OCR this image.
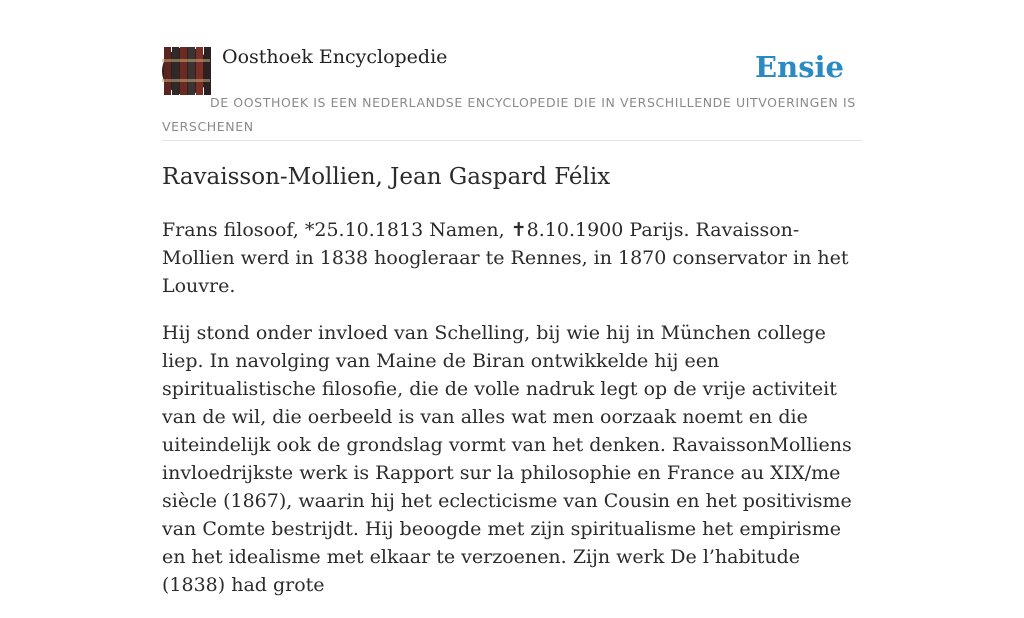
Oosthoek Encyclopedie	Ensie
DE OOSTHOEK IS EEN NEDERLANDSE ENCYCLOPEDIE DIE IN VERSCHILLENDE UITVOERINGEN IS VERSCHENEN
Ravaisson-Mollien, Jean Gaspard Félix

Frans filosoof, *25.10.1813 Namen, ✝8.10.1900 Parijs. Ravaisson-Mollien werd in 1838 hoogleraar te Rennes, in 1870 conservator in het Louvre.

Hij stond onder invloed van Schelling, bij wie hij in München college liep. In navolging van Maine de Biran ontwikkelde hij een spiritualistische filosofie, die de volle nadruk legt op de vrije activiteit van de wil, die oerbeeld is van alles wat men oorzaak noemt en die uiteindelijk ook de grondslag vormt van het denken. RavaissonMolliens invloedrijkste werk is Rapport sur la philosophie en France au XIX/me siècle (1867), waarin hij het eclecticisme van Cousin en het positivisme van Comte bestrijdt. Hij beoogde met zijn spiritualisme het empirisme en het idealisme met elkaar te verzoenen. Zijn werk De l’habitude (1838) had grote
